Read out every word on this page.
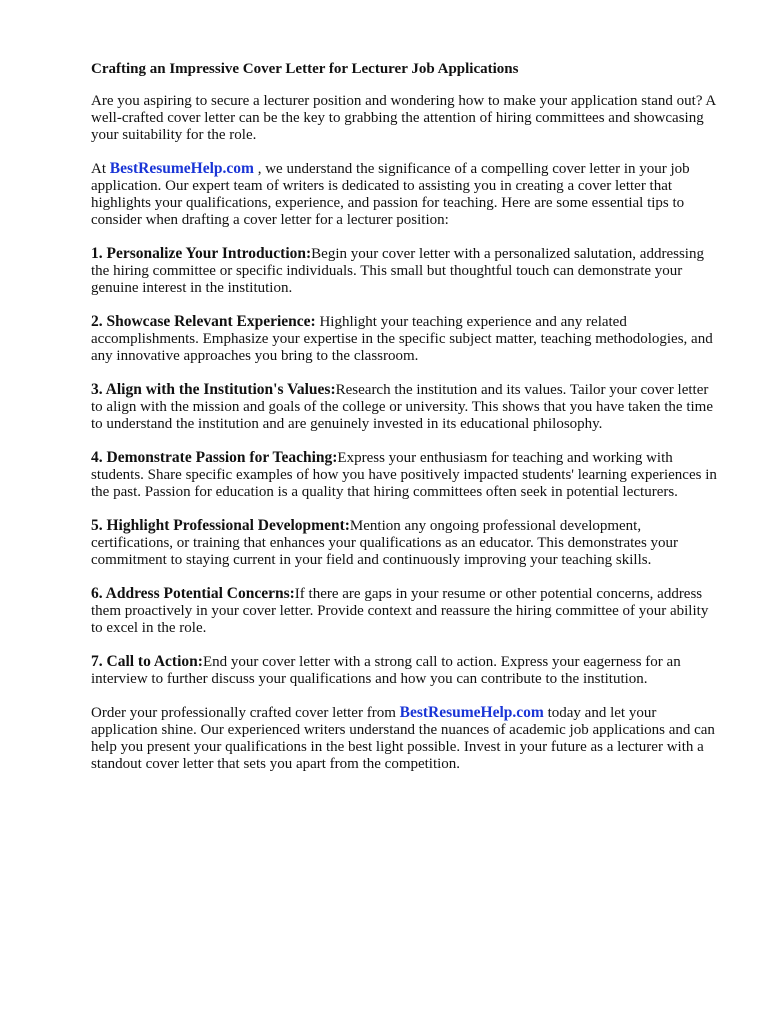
Crafting an Impressive Cover Letter for Lecturer Job Applications

Are you aspiring to secure a lecturer position and wondering how to make your application stand out? A well-crafted cover letter can be the key to grabbing the attention of hiring committees and showcasing your suitability for the role.

At BestResumeHelp.com , we understand the significance of a compelling cover letter in your job application. Our expert team of writers is dedicated to assisting you in creating a cover letter that highlights your qualifications, experience, and passion for teaching. Here are some essential tips to consider when drafting a cover letter for a lecturer position:

1. Personalize Your Introduction:Begin your cover letter with a personalized salutation, addressing the hiring committee or specific individuals. This small but thoughtful touch can demonstrate your genuine interest in the institution.

2. Showcase Relevant Experience: Highlight your teaching experience and any related accomplishments. Emphasize your expertise in the specific subject matter, teaching methodologies, and any innovative approaches you bring to the classroom.

3. Align with the Institution's Values:Research the institution and its values. Tailor your cover letter to align with the mission and goals of the college or university. This shows that you have taken the time to understand the institution and are genuinely invested in its educational philosophy.

4. Demonstrate Passion for Teaching:Express your enthusiasm for teaching and working with students. Share specific examples of how you have positively impacted students' learning experiences in the past. Passion for education is a quality that hiring committees often seek in potential lecturers.

5. Highlight Professional Development:Mention any ongoing professional development, certifications, or training that enhances your qualifications as an educator. This demonstrates your commitment to staying current in your field and continuously improving your teaching skills.

6. Address Potential Concerns:If there are gaps in your resume or other potential concerns, address them proactively in your cover letter. Provide context and reassure the hiring committee of your ability to excel in the role.

7. Call to Action:End your cover letter with a strong call to action. Express your eagerness for an interview to further discuss your qualifications and how you can contribute to the institution.

Order your professionally crafted cover letter from BestResumeHelp.com today and let your application shine. Our experienced writers understand the nuances of academic job applications and can help you present your qualifications in the best light possible. Invest in your future as a lecturer with a standout cover letter that sets you apart from the competition.
